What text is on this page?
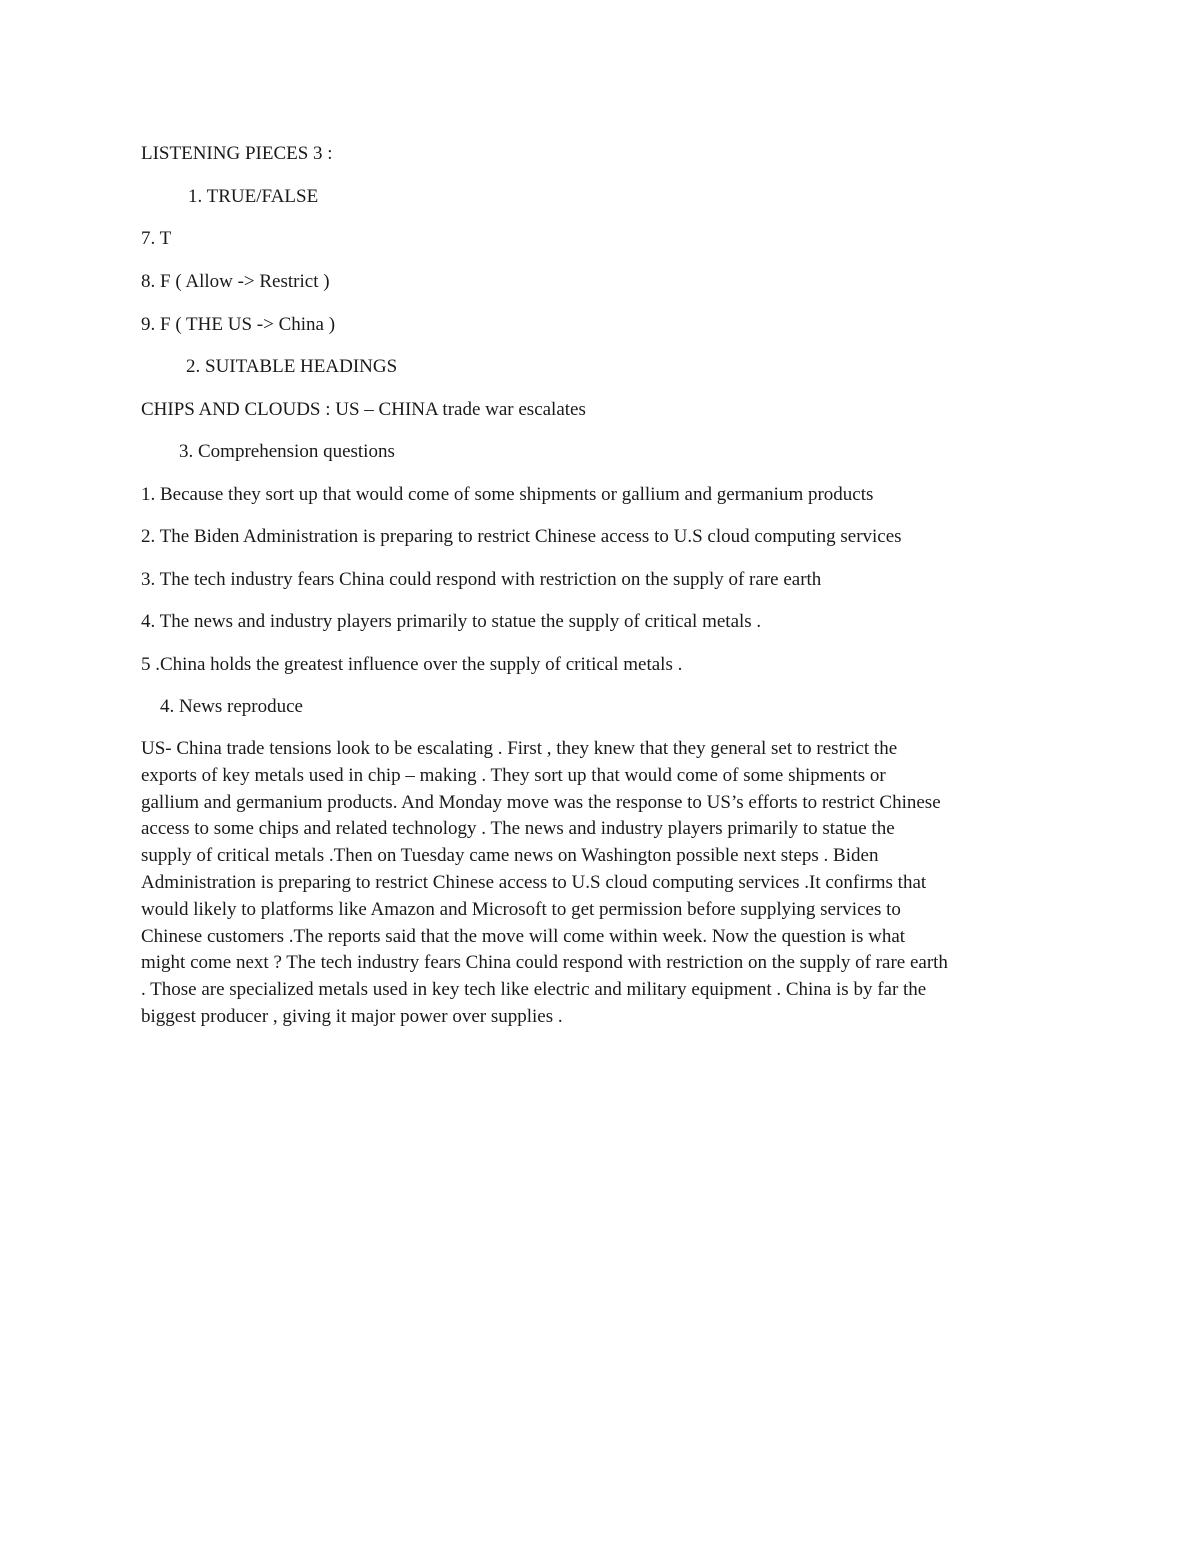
LISTENING PIECES 3 :
1. TRUE/FALSE
7. T
8. F ( Allow -> Restrict )
9. F ( THE US -> China )
2. SUITABLE HEADINGS
CHIPS AND CLOUDS : US – CHINA trade war escalates
3. Comprehension questions
1. Because they sort up that would come of some shipments or gallium and germanium products
2. The Biden Administration is preparing to restrict Chinese access to U.S cloud computing services
3. The tech industry fears China could respond with restriction on the supply of rare earth
4. The news and industry players primarily to statue the supply of critical metals .
5 .China holds the greatest influence over the supply of critical metals .
4. News reproduce
US- China trade tensions look to be escalating . First , they knew that they general set to restrict the
exports of key metals used in chip – making . They sort up that would come of some shipments or
gallium and germanium products. And Monday move was the response to US’s efforts to restrict Chinese
access to some chips and related technology . The news and industry players primarily to statue the
supply of critical metals .Then on Tuesday came news on Washington possible next steps . Biden
Administration is preparing to restrict Chinese access to U.S cloud computing services .It confirms that
would likely to platforms like Amazon and Microsoft to get permission before supplying services to
Chinese customers .The reports said that the move will come within week. Now the question is what
might come next ? The tech industry fears China could respond with restriction on the supply of rare earth
. Those are specialized metals used in key tech like electric and military equipment . China is by far the
biggest producer , giving it major power over supplies .
